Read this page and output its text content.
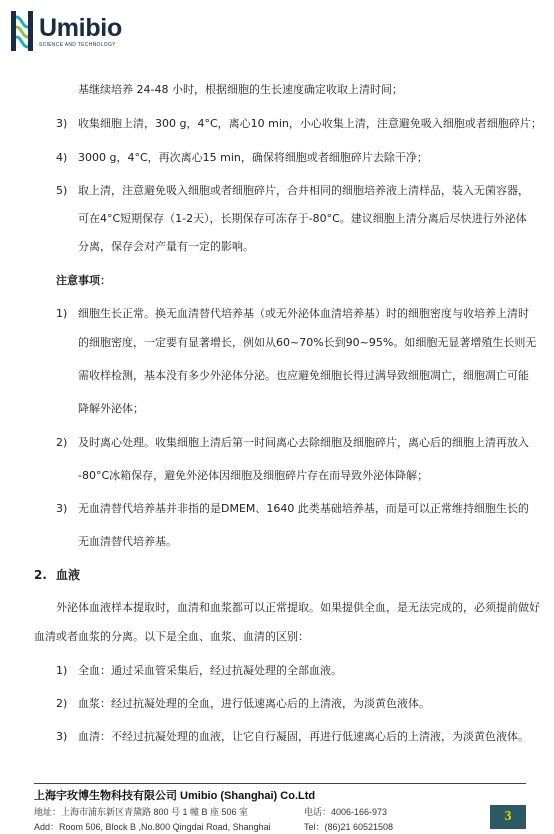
Umibio
SCIENCE AND TECHNOLOGY
基继续培养 24-48 小时，根据细胞的生长速度确定收取上清时间；
3) 收集细胞上清，300 g，4°C，离心10 min，小心收集上清，注意避免吸入细胞或者细胞碎片；
4) 3000 g，4°C，再次离心15 min，确保将细胞或者细胞碎片去除干净；
5) 取上清，注意避免吸入细胞或者细胞碎片，合并相同的细胞培养液上清样品，装入无菌容器，
可在4°C短期保存（1-2天），长期保存可冻存于-80°C。建议细胞上清分离后尽快进行外泌体
分离，保存会对产量有一定的影响。
注意事项：
1) 细胞生长正常。换无血清替代培养基（或无外泌体血清培养基）时的细胞密度与收培养上清时
的细胞密度，一定要有显著增长，例如从60~70%长到90~95%。如细胞无显著增殖生长则无
需收样检测，基本没有多少外泌体分泌。也应避免细胞长得过满导致细胞凋亡，细胞凋亡可能
降解外泌体；
2) 及时离心处理。收集细胞上清后第一时间离心去除细胞及细胞碎片，离心后的细胞上清再放入
-80°C冰箱保存，避免外泌体因细胞及细胞碎片存在而导致外泌体降解；
3) 无血清替代培养基并非指的是DMEM、1640 此类基础培养基，而是可以正常维持细胞生长的
无血清替代培养基。
2. 血液
外泌体血液样本提取时，血清和血浆都可以正常提取。如果提供全血，是无法完成的，必须提前做好
血清或者血浆的分离。以下是全血、血浆、血清的区别：
1) 全血：通过采血管采集后，经过抗凝处理的全部血液。
2) 血浆：经过抗凝处理的全血，进行低速离心后的上清液，为淡黄色液体。
3) 血清：不经过抗凝处理的血液，让它自行凝固，再进行低速离心后的上清液，为淡黄色液体。
上海宇玫博生物科技有限公司 Umibio (Shanghai) Co.Ltd
地址：上海市浦东新区青黛路 800 号 1 幢 B 座 506 室	电话：4006-166-973
Add：Room 506, Block B ,No.800 Qingdai Road, Shanghai	Tel：(86)21 60521508
3
